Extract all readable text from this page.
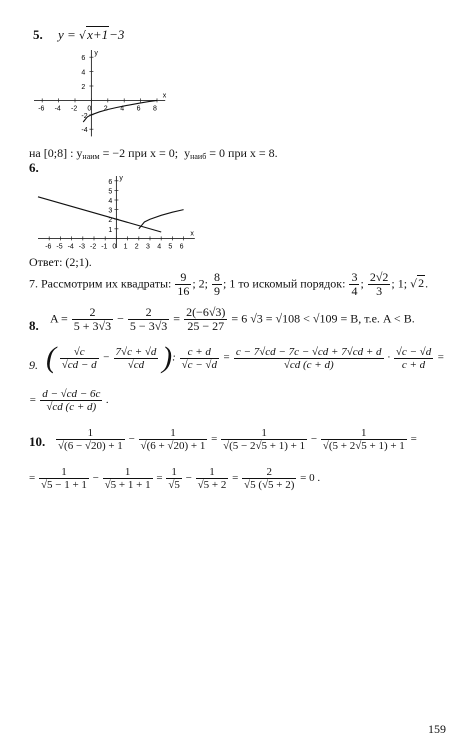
5. y = √x+1−3
x
y
-6 -4 -2 0 2 4 6 8
6
4
2
-2
-4
на [0;8] : $y_{наим} = -2$ при x = 0; $y_{наиб} = 0$ при x = 8.
6.
x
y
-6 -5 -4 -3 -2 -1 0 1 2 3 4 5 6
6
5
4
3
2
1
Ответ: (2;1).
7. Рассмотрим их квадраты: $\frac{9}{16}$ ; 2; $\frac{8}{9}$ ; 1 то искомый порядок: $\frac{3}{4}$ ; $\frac{2√2}{3}$ ; 1; √2.
8. $A = \frac{2}{5 + 3√3} - \frac{2}{5 - 3√3} = \frac{2(-6√3)}{25 - 27} = 6$ √3 = √108 < √109 = B, т.е. A < B.
9. ( $\frac{√c}{√cd - d} - \frac{7√c + √d}{√cd}$ ): $\frac{c + d}{√c - √d} = \frac{c - 7√cd - 7c - √cd + 7√cd + d}{√cd (c + d)} \cdot \frac{√c - √d}{c + d}$ =
= $\frac{d - √cd - 6c}{√cd (c + d)}$ .
10. $\frac{1}{√(6 - √20) + 1} - \frac{1}{√(6 + √20) + 1} = \frac{1}{√(5 - 2√5 + 1) + 1} - \frac{1}{√(5 + 2√5 + 1) + 1}$ =
= $\frac{1}{√5 - 1 + 1} - \frac{1}{√5 + 1 + 1} = \frac{1}{√5} - \frac{1}{√5 + 2} = \frac{2}{√5 (√5 + 2)} = 0$ .
159
